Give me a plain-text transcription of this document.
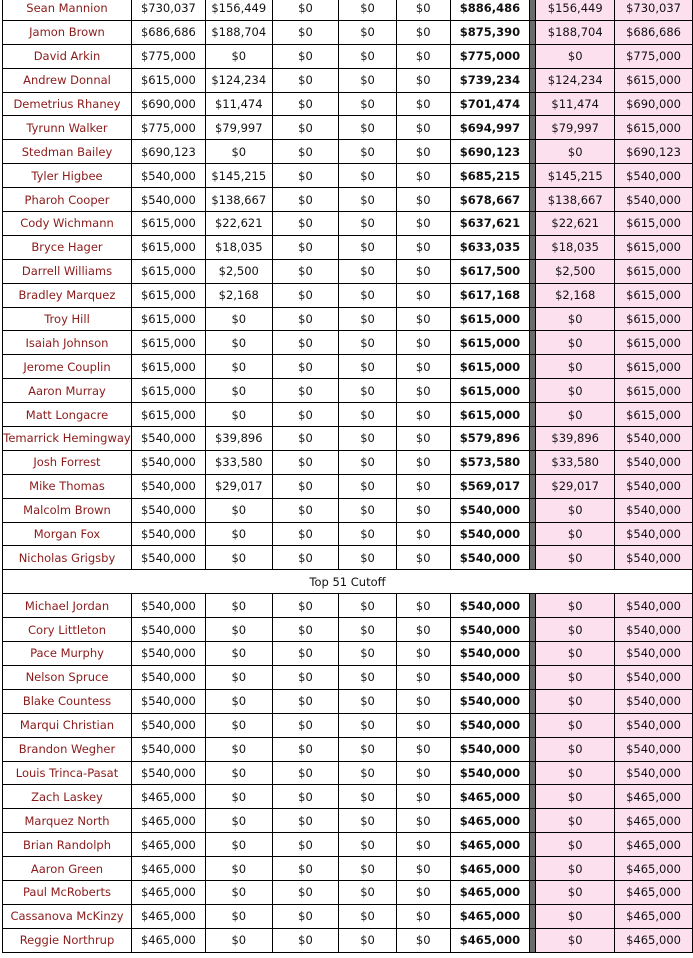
Sean Mannion	$730,037	$156,449	$0	$0	$0	$886,486		$156,449	$730,037
Jamon Brown	$686,686	$188,704	$0	$0	$0	$875,390		$188,704	$686,686
David Arkin	$775,000	$0	$0	$0	$0	$775,000		$0	$775,000
Andrew Donnal	$615,000	$124,234	$0	$0	$0	$739,234		$124,234	$615,000
Demetrius Rhaney	$690,000	$11,474	$0	$0	$0	$701,474		$11,474	$690,000
Tyrunn Walker	$775,000	$79,997	$0	$0	$0	$694,997		$79,997	$615,000
Stedman Bailey	$690,123	$0	$0	$0	$0	$690,123		$0	$690,123
Tyler Higbee	$540,000	$145,215	$0	$0	$0	$685,215		$145,215	$540,000
Pharoh Cooper	$540,000	$138,667	$0	$0	$0	$678,667		$138,667	$540,000
Cody Wichmann	$615,000	$22,621	$0	$0	$0	$637,621		$22,621	$615,000
Bryce Hager	$615,000	$18,035	$0	$0	$0	$633,035		$18,035	$615,000
Darrell Williams	$615,000	$2,500	$0	$0	$0	$617,500		$2,500	$615,000
Bradley Marquez	$615,000	$2,168	$0	$0	$0	$617,168		$2,168	$615,000
Troy Hill	$615,000	$0	$0	$0	$0	$615,000		$0	$615,000
Isaiah Johnson	$615,000	$0	$0	$0	$0	$615,000		$0	$615,000
Jerome Couplin	$615,000	$0	$0	$0	$0	$615,000		$0	$615,000
Aaron Murray	$615,000	$0	$0	$0	$0	$615,000		$0	$615,000
Matt Longacre	$615,000	$0	$0	$0	$0	$615,000		$0	$615,000
Temarrick Hemingway	$540,000	$39,896	$0	$0	$0	$579,896		$39,896	$540,000
Josh Forrest	$540,000	$33,580	$0	$0	$0	$573,580		$33,580	$540,000
Mike Thomas	$540,000	$29,017	$0	$0	$0	$569,017		$29,017	$540,000
Malcolm Brown	$540,000	$0	$0	$0	$0	$540,000		$0	$540,000
Morgan Fox	$540,000	$0	$0	$0	$0	$540,000		$0	$540,000
Nicholas Grigsby	$540,000	$0	$0	$0	$0	$540,000		$0	$540,000
Top 51 Cutoff									
Michael Jordan	$540,000	$0	$0	$0	$0	$540,000		$0	$540,000
Cory Littleton	$540,000	$0	$0	$0	$0	$540,000		$0	$540,000
Pace Murphy	$540,000	$0	$0	$0	$0	$540,000		$0	$540,000
Nelson Spruce	$540,000	$0	$0	$0	$0	$540,000		$0	$540,000
Blake Countess	$540,000	$0	$0	$0	$0	$540,000		$0	$540,000
Marqui Christian	$540,000	$0	$0	$0	$0	$540,000		$0	$540,000
Brandon Wegher	$540,000	$0	$0	$0	$0	$540,000		$0	$540,000
Louis Trinca-Pasat	$540,000	$0	$0	$0	$0	$540,000		$0	$540,000
Zach Laskey	$465,000	$0	$0	$0	$0	$465,000		$0	$465,000
Marquez North	$465,000	$0	$0	$0	$0	$465,000		$0	$465,000
Brian Randolph	$465,000	$0	$0	$0	$0	$465,000		$0	$465,000
Aaron Green	$465,000	$0	$0	$0	$0	$465,000		$0	$465,000
Paul McRoberts	$465,000	$0	$0	$0	$0	$465,000		$0	$465,000
Cassanova McKinzy	$465,000	$0	$0	$0	$0	$465,000		$0	$465,000
Reggie Northrup	$465,000	$0	$0	$0	$0	$465,000		$0	$465,000
